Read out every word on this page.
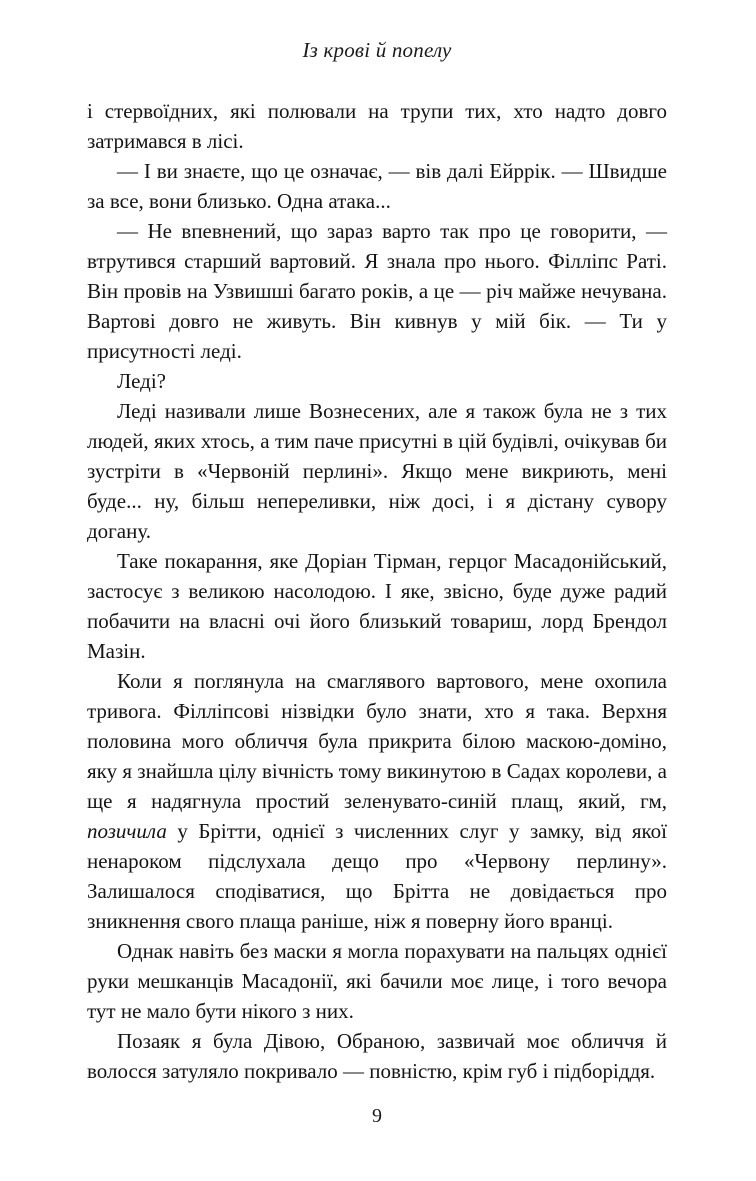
Із крові й попелу

і стервоїдних, які полювали на трупи тих, хто надто довго затримався в лісі.

— І ви знаєте, що це означає, — вів далі Ейррік. — Швидше за все, вони близько. Одна атака...

— Не впевнений, що зараз варто так про це говорити, — втрутився старший вартовий. Я знала про нього. Філліпс Раті. Він провів на Узвишші багато років, а це — річ майже нечувана. Вартові довго не живуть. Він кивнув у мій бік. — Ти у присутності леді.

Леді?

Леді називали лише Вознесених, але я також була не з тих людей, яких хтось, а тим паче присутні в цій будівлі, очікував би зустріти в «Червоній перлині». Якщо мене викриють, мені буде... ну, більш непереливки, ніж досі, і я дістану сувору догану.

Таке покарання, яке Доріан Тірман, герцог Масадонійський, застосує з великою насолодою. І яке, звісно, буде дуже радий побачити на власні очі його близький товариш, лорд Брендол Мазін.

Коли я поглянула на смаглявого вартового, мене охопила тривога. Філліпсові нізвідки було знати, хто я така. Верхня половина мого обличчя була прикрита білою маскою-доміно, яку я знайшла цілу вічність тому викинутою в Садах королеви, а ще я надягнула простий зеленувато-синій плащ, який, гм, позичила у Брітти, однієї з численних слуг у замку, від якої ненароком підслухала дещо про «Червону перлину». Залишалося сподіватися, що Брітта не довідається про зникнення свого плаща раніше, ніж я поверну його вранці.

Однак навіть без маски я могла порахувати на пальцях однієї руки мешканців Масадонії, які бачили моє лице, і того вечора тут не мало бути нікого з них.

Позаяк я була Дівою, Обраною, зазвичай моє обличчя й волосся затуляло покривало — повністю, крім губ і підборіддя.

9
